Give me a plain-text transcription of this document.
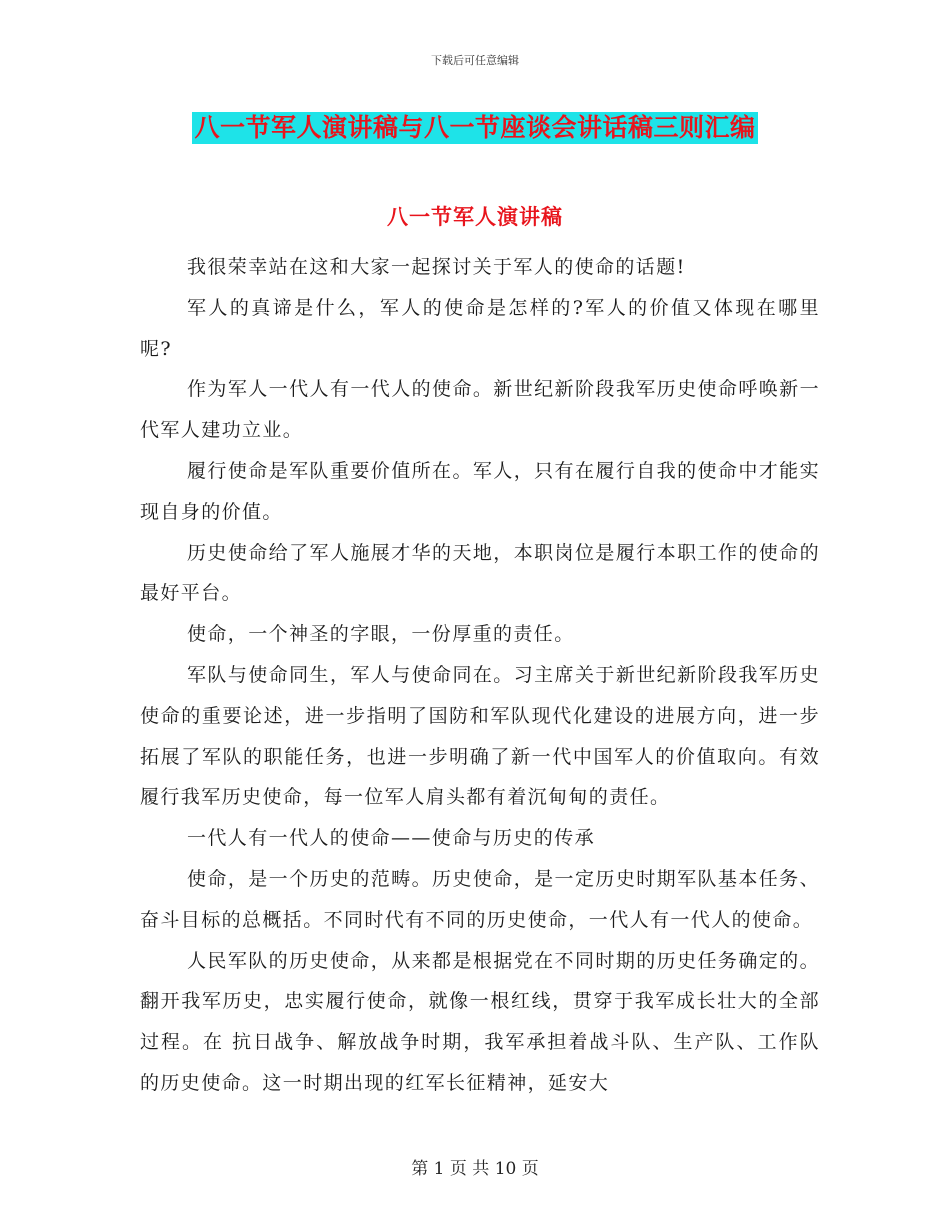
下载后可任意编辑
八一节军人演讲稿与八一节座谈会讲话稿三则汇编
八一节军人演讲稿

我很荣幸站在这和大家一起探讨关于军人的使命的话题!

军人的真谛是什么，军人的使命是怎样的?军人的价值又体现在哪里呢?

作为军人一代人有一代人的使命。新世纪新阶段我军历史使命呼唤新一代军人建功立业。

履行使命是军队重要价值所在。军人，只有在履行自我的使命中才能实现自身的价值。

历史使命给了军人施展才华的天地，本职岗位是履行本职工作的使命的最好平台。

使命，一个神圣的字眼，一份厚重的责任。

军队与使命同生，军人与使命同在。习主席关于新世纪新阶段我军历史使命的重要论述，进一步指明了国防和军队现代化建设的进展方向，进一步拓展了军队的职能任务，也进一步明确了新一代中国军人的价值取向。有效履行我军历史使命，每一位军人肩头都有着沉甸甸的责任。

一代人有一代人的使命——使命与历史的传承

使命，是一个历史的范畴。历史使命，是一定历史时期军队基本任务、奋斗目标的总概括。不同时代有不同的历史使命，一代人有一代人的使命。

人民军队的历史使命，从来都是根据党在不同时期的历史任务确定的。翻开我军历史，忠实履行使命，就像一根红线，贯穿于我军成长壮大的全部过程。在 抗日战争、解放战争时期，我军承担着战斗队、生产队、工作队的历史使命。这一时期出现的红军长征精神，延安大

第 1 页 共 10 页
